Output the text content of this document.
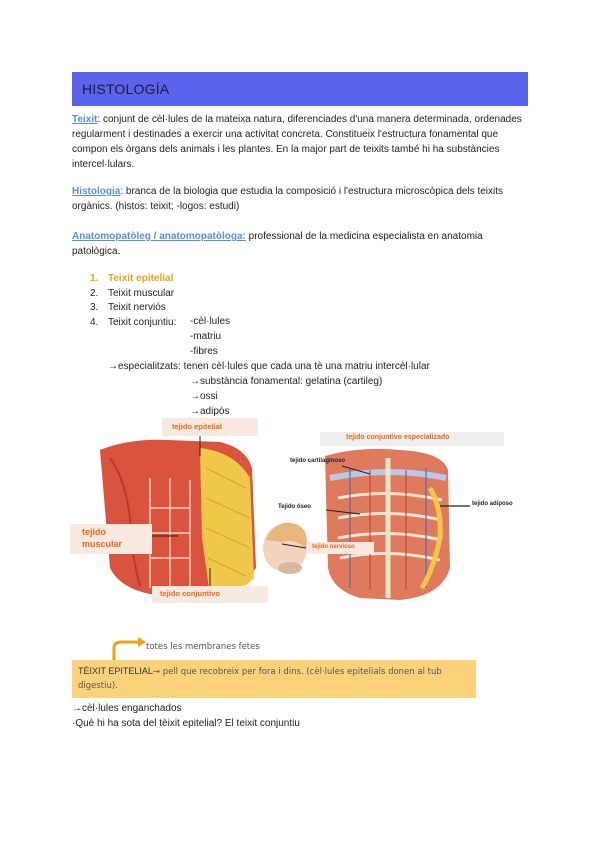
HISTOLOGÍA
Teixit: conjunt de cèl·lules de la mateixa natura, diferenciades d'una manera determinada, ordenades regularment i destinades a exercir una activitat concreta. Constitueix l'estructura fonamental que compon els òrgans dels animals i les plantes. En la major part de teixits també hi ha substàncies intercel·lulars.
Histologia: branca de la biologia que estudia la composició i l'estructura microscòpica dels teixits orgànics. (histos: teixit; -logos: estudi)
Anatomopatòleg / anatomopatòloga: professional de la medicina especialista en anatomia patològica.
1. Teixit epitelial
2. Teixit muscular
3. Teixit nerviós
4. Teixit conjuntiu: -cèl·lules
-matriu
-fibres
→especialitzats: tenen cèl·lules que cada una tè una matriu intercèl·lular
→substància fonamental: gelatina (cartileg)
→ossi
→adipòs
tejido epitelial
tejido
muscular
tejido conjuntivo
tejido nervioso
tejido conjuntivo especializado
tejido cartilaginoso
Tejido óseo	tejido adiposo
totes les membranes fetes
TÈIXIT EPITELIAL→ pell que recobreix per fora i dins. (cèl·lules epitelials donen al tub digestiu).
→cèl·lules enganchados
·Què hi ha sota del tèixit epitelial? El teixit conjuntiu
